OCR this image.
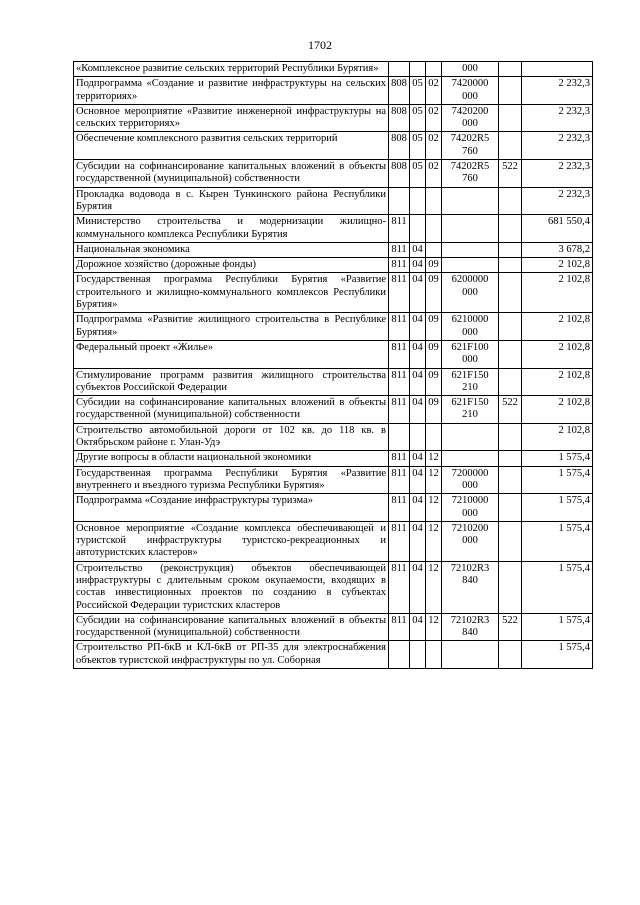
1702
«Комплексное развитие сельских территорий Республики Бурятия»				000		
Подпрограмма «Создание и развитие инфраструктуры на сельских территориях»	808	05	02	7420000 000		2 232,3
Основное мероприятие «Развитие инженерной инфраструктуры на сельских территориях»	808	05	02	7420200 000		2 232,3
Обеспечение комплексного развития сельских территорий	808	05	02	74202R5 760		2 232,3
Субсидии на софинансирование капитальных вложений в объекты государственной (муниципальной) собственности	808	05	02	74202R5 760	522	2 232,3
Прокладка водовода в с. Кырен Тункинского района Республики Бурятия						2 232,3
Министерство строительства и модернизации жилищно-коммунального комплекса Республики Бурятия	811					681 550,4
Национальная экономика	811	04				3 678,2
Дорожное хозяйство (дорожные фонды)	811	04	09			2 102,8
Государственная программа Республики Бурятия «Развитие строительного и жилищно-коммунального комплексов Республики Бурятия»	811	04	09	6200000 000		2 102,8
Подпрограмма «Развитие жилищного строительства в Республике Бурятия»	811	04	09	6210000 000		2 102,8
Федеральный проект «Жилье»	811	04	09	621F100 000		2 102,8
Стимулирование программ развития жилищного строительства субъектов Российской Федерации	811	04	09	621F150 210		2 102,8
Субсидии на софинансирование капитальных вложений в объекты государственной (муниципальной) собственности	811	04	09	621F150 210	522	2 102,8
Строительство автомобильной дороги от 102 кв. до 118 кв. в Октябрьском районе г. Улан-Удэ						2 102,8
Другие вопросы в области национальной экономики	811	04	12			1 575,4
Государственная программа Республики Бурятия «Развитие внутреннего и въездного туризма Республики Бурятия»	811	04	12	7200000 000		1 575,4
Подпрограмма «Создание инфраструктуры туризма»	811	04	12	7210000 000		1 575,4
Основное мероприятие «Создание комплекса обеспечивающей и туристской инфраструктуры туристско-рекреационных и автотуристских кластеров»	811	04	12	7210200 000		1 575,4
Строительство (реконструкция) объектов обеспечивающей инфраструктуры с длительным сроком окупаемости, входящих в состав инвестиционных проектов по созданию в субъектах Российской Федерации туристских кластеров	811	04	12	72102R3 840		1 575,4
Субсидии на софинансирование капитальных вложений в объекты государственной (муниципальной) собственности	811	04	12	72102R3 840	522	1 575,4
Строительство РП-6кВ и КЛ-6кВ от РП-35 для электроснабжения объектов туристской инфраструктуры по ул. Соборная						1 575,4
